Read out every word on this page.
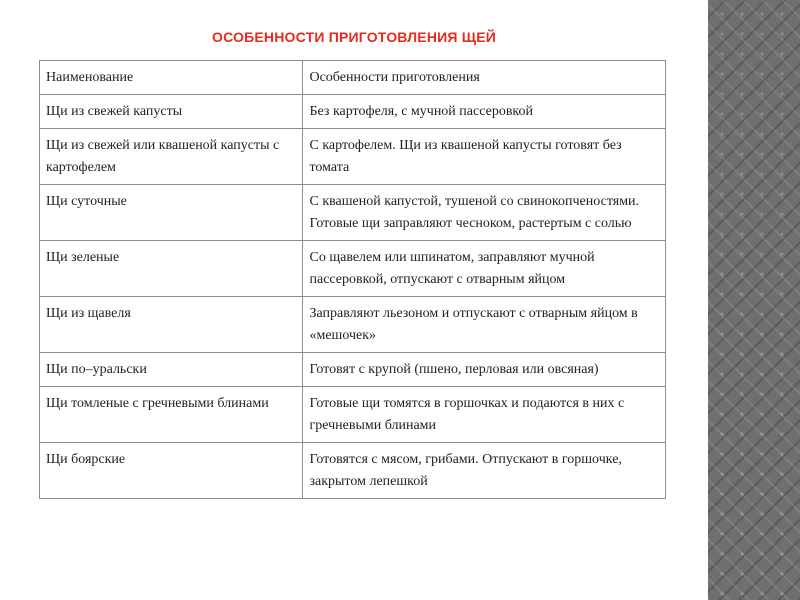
ОСОБЕННОСТИ ПРИГОТОВЛЕНИЯ ЩЕЙ
Наименование	Особенности приготовления
Щи из свежей капусты	Без картофеля, с мучной пассеровкой
Щи из свежей или квашеной капусты с картофелем	С картофелем. Щи из квашеной капусты готовят без томата
Щи суточные	С квашеной капустой, тушеной со свинокопченостями. Готовые щи заправляют чесноком, растертым с солью
Щи зеленые	Со щавелем или шпинатом, заправляют мучной пассеровкой, отпускают с отварным яйцом
Щи из щавеля	Заправляют льезоном и отпускают с отварным яйцом в «мешочек»
Щи по–уральски	Готовят с крупой (пшено, перловая или овсяная)
Щи томленые с гречневыми блинами	Готовые щи томятся в горшочках и подаются в них с гречневыми блинами
Щи боярские	Готовятся с мясом, грибами. Отпускают в горшочке, закрытом лепешкой
